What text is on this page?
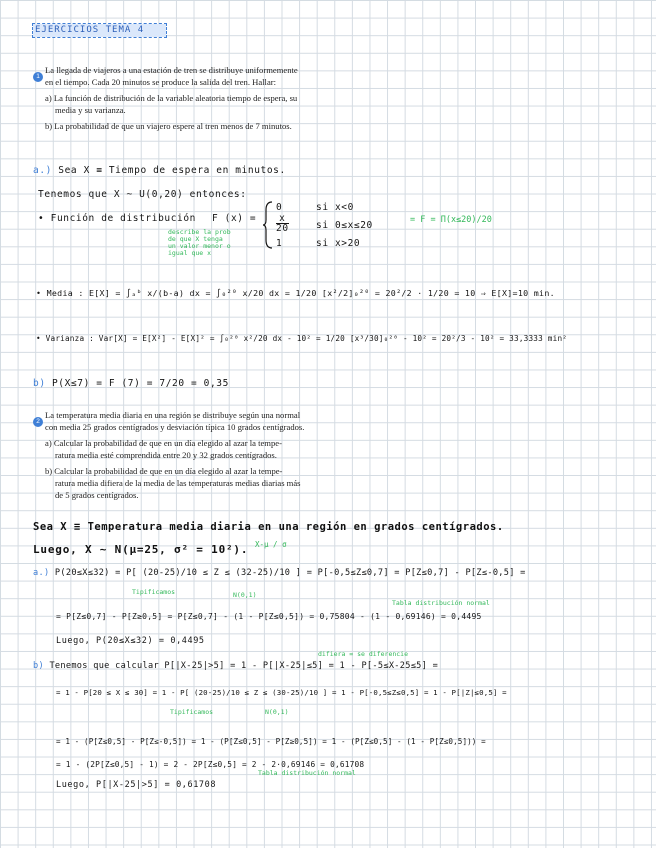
EJERCICIOS TEMA 4
1
La llegada de viajeros a una estación de tren se distribuye uniformemente
en el tiempo. Cada 20 minutos se produce la salida del tren. Hallar:
a) La función de distribución de la variable aleatoria tiempo de espera, su
media y su varianza.
b) La probabilidad de que un viajero espere al tren menos de 7 minutos.
a.) Sea X ≡ Tiempo de espera en minutos.
Tenemos que X ~ U(0,20) entonces:
• Función de distribución F (x) =
0
$\frac{x}{20}$
1
si x<0
si 0≤x≤20
si x>20
= F = Π(x≤20)/20
describe la prob
de que X tenga
un valor menor o
igual que x
• Media : E[X] = ∫ₐᵇ x/(b-a) dx = ∫₀²⁰ x/20 dx = 1/20 [x²/2]₀²⁰ = 20²/2 · 1/20 = 10 ⇒ E[X]=10 min.
• Varianza : Var[X] = E[X²] - E[X]² = ∫₀²⁰ x²/20 dx - 10² = 1/20 [x³/30]₀²⁰ - 10² = 20²/3 - 10² = 33,3333 min²
b) P(X≤7) = F (7) = 7/20 = 0,35
2
La temperatura media diaria en una región se distribuye según una normal
con media 25 grados centígrados y desviación típica 10 grados centígrados.
a) Calcular la probabilidad de que en un día elegido al azar la tempe-
ratura media esté comprendida entre 20 y 32 grados centígrados.
b) Calcular la probabilidad de que en un día elegido al azar la tempe-
ratura media difiera de la media de las temperaturas medias diarias más
de 5 grados centígrados.
Sea X ≡ Temperatura media diaria en una región en grados centígrados.
Luego, X ~ N(μ=25, σ² = 10²). X-μ / σ
a.) P(20≤X≤32) = P[ (20-25)/10 ≤ Z ≤ (32-25)/10 ] = P[-0,5≤Z≤0,7] = P[Z≤0,7] - P[Z≤-0,5] =
Tipificamos	N(0,1)
Tabla distribución normal
= P[Z≤0,7] - P[Z≥0,5] = P[Z≤0,7] - (1 - P[Z≤0,5]) = 0,75804 - (1 - 0,69146) = 0,4495
Luego, P(20≤X≤32) = 0,4495
difiera = se diferencie
b) Tenemos que calcular P[|X-25|>5] = 1 - P[|X-25|≤5] = 1 - P[-5≤X-25≤5] =
= 1 - P[20 ≤ X ≤ 30] = 1 - P[ (20-25)/10 ≤ Z ≤ (30-25)/10 ] = 1 - P[-0,5≤Z≤0,5] = 1 - P[|Z|≤0,5] =
Tipificamos	N(0,1)
= 1 - (P[Z≤0,5] - P[Z≤-0,5]) = 1 - (P[Z≤0,5] - P[Z≥0,5]) = 1 - (P[Z≤0,5] - (1 - P[Z≤0,5])) =
= 1 - (2P[Z≤0,5] - 1) = 2 - 2P[Z≤0,5] = 2 - 2·0,69146 = 0,61708
Tabla distribución normal
Luego, P[|X-25|>5] = 0,61708
